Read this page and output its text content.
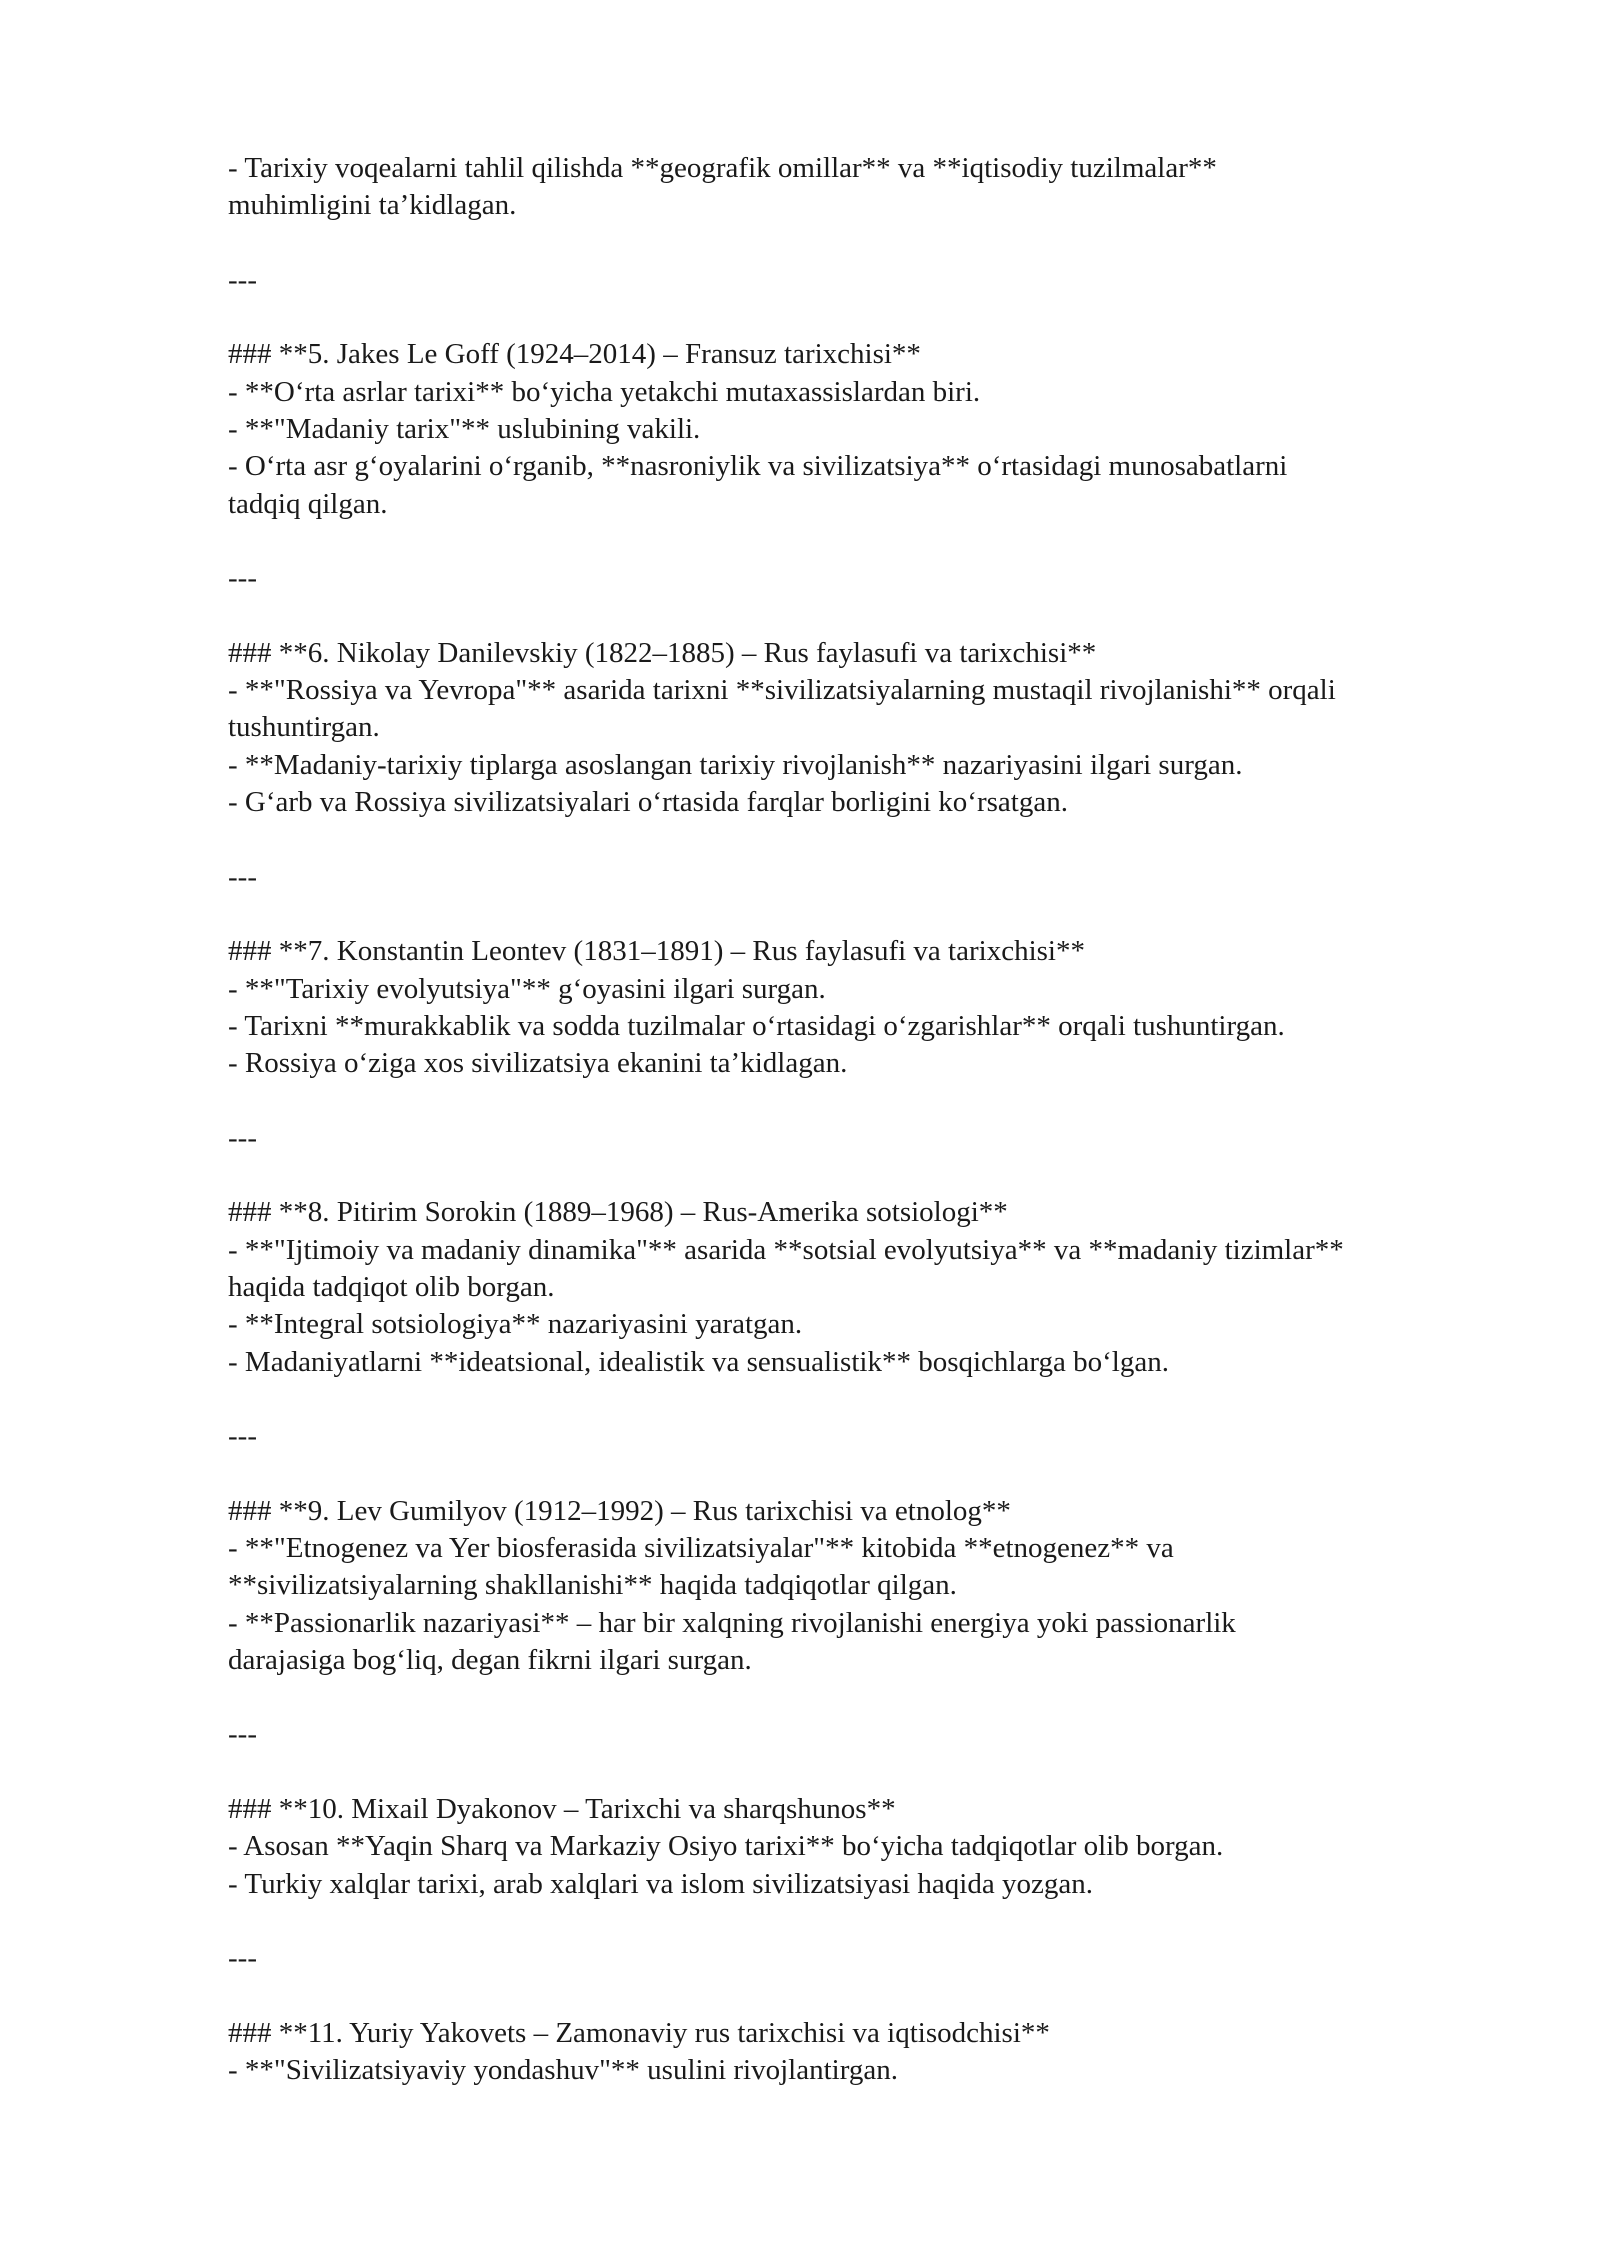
- Tarixiy voqealarni tahlil qilishda **geografik omillar** va **iqtisodiy tuzilmalar**

muhimligini ta’kidlagan.

---

### **5. Jakes Le Goff (1924–2014) – Fransuz tarixchisi**

- **O‘rta asrlar tarixi** bo‘yicha yetakchi mutaxassislardan biri.

- **"Madaniy tarix"** uslubining vakili.

- O‘rta asr g‘oyalarini o‘rganib, **nasroniylik va sivilizatsiya** o‘rtasidagi munosabatlarni

tadqiq qilgan.

---

### **6. Nikolay Danilevskiy (1822–1885) – Rus faylasufi va tarixchisi**

- **"Rossiya va Yevropa"** asarida tarixni **sivilizatsiyalarning mustaqil rivojlanishi** orqali

tushuntirgan.

- **Madaniy-tarixiy tiplarga asoslangan tarixiy rivojlanish** nazariyasini ilgari surgan.

- G‘arb va Rossiya sivilizatsiyalari o‘rtasida farqlar borligini ko‘rsatgan.

---

### **7. Konstantin Leontev (1831–1891) – Rus faylasufi va tarixchisi**

- **"Tarixiy evolyutsiya"** g‘oyasini ilgari surgan.

- Tarixni **murakkablik va sodda tuzilmalar o‘rtasidagi o‘zgarishlar** orqali tushuntirgan.

- Rossiya o‘ziga xos sivilizatsiya ekanini ta’kidlagan.

---

### **8. Pitirim Sorokin (1889–1968) – Rus-Amerika sotsiologi**

- **"Ijtimoiy va madaniy dinamika"** asarida **sotsial evolyutsiya** va **madaniy tizimlar**

haqida tadqiqot olib borgan.

- **Integral sotsiologiya** nazariyasini yaratgan.

- Madaniyatlarni **ideatsional, idealistik va sensualistik** bosqichlarga bo‘lgan.

---

### **9. Lev Gumilyov (1912–1992) – Rus tarixchisi va etnolog**

- **"Etnogenez va Yer biosferasida sivilizatsiyalar"** kitobida **etnogenez** va

**sivilizatsiyalarning shakllanishi** haqida tadqiqotlar qilgan.

- **Passionarlik nazariyasi** – har bir xalqning rivojlanishi energiya yoki passionarlik

darajasiga bog‘liq, degan fikrni ilgari surgan.

---

### **10. Mixail Dyakonov – Tarixchi va sharqshunos**

- Asosan **Yaqin Sharq va Markaziy Osiyo tarixi** bo‘yicha tadqiqotlar olib borgan.

- Turkiy xalqlar tarixi, arab xalqlari va islom sivilizatsiyasi haqida yozgan.

---

### **11. Yuriy Yakovets – Zamonaviy rus tarixchisi va iqtisodchisi**

- **"Sivilizatsiyaviy yondashuv"** usulini rivojlantirgan.
